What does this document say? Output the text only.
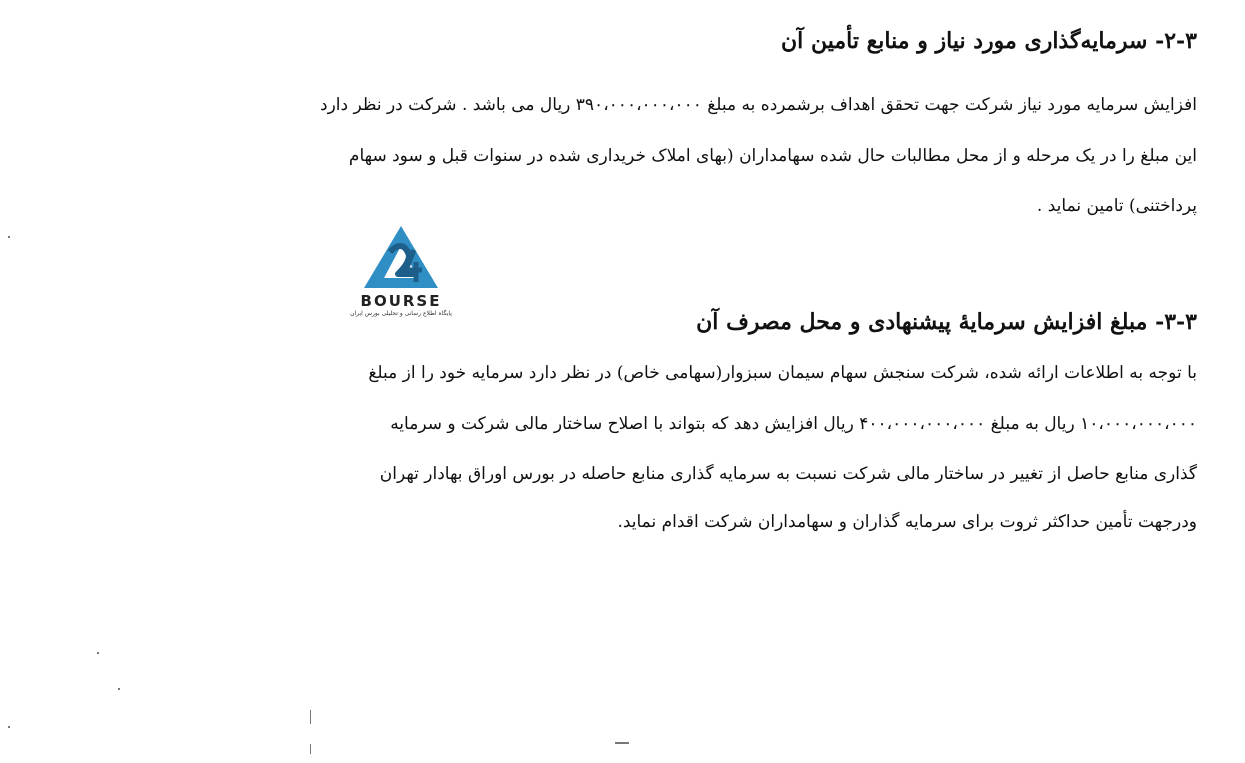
۲-۳- سرمایه‌گذاری مورد نیاز و منابع تأمین آن
افزایش سرمایه مورد نیاز شرکت جهت تحقق اهداف برشمرده به مبلغ ۳۹۰،۰۰۰،۰۰۰،۰۰۰ ریال می باشد . شرکت در نظر دارد
این مبلغ را در یک مرحله و از محل مطالبات حال شده سهامداران (بهای املاک خریداری شده در سنوات قبل و سود سهام
پرداختنی) تامین نماید .
BOURSE
پایگاه اطلاع رسانی و تحلیلی بورس ایران	۳-۳- مبلغ افزایش سرمایهٔ پیشنهادی و محل مصرف آن
با توجه به اطلاعات ارائه شده، شرکت سنجش سهام سیمان سبزوار(سهامی خاص) در نظر دارد سرمایه خود را از مبلغ
۱۰،۰۰۰،۰۰۰،۰۰۰ ریال به مبلغ ۴۰۰،۰۰۰،۰۰۰،۰۰۰ ریال افزایش دهد که بتواند با اصلاح ساختار مالی شرکت و سرمایه
گذاری منابع حاصل از تغییر در ساختار مالی شرکت نسبت به سرمایه گذاری منابع حاصله در بورس اوراق بهادار تهران
ودرجهت تأمین حداکثر ثروت برای سرمایه گذاران و سهامداران شرکت اقدام نماید.
